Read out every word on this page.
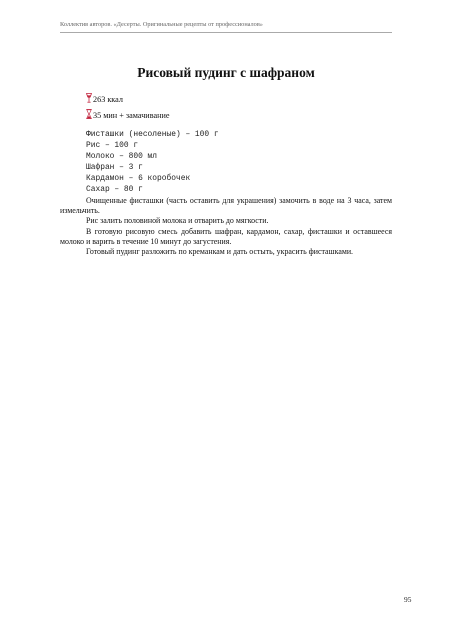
Коллектив авторов. «Десерты. Оригинальные рецепты от профессионалов»
Рисовый пудинг с шафраном
263 ккал
35 мин + замачивание
Фисташки (несоленые) – 100 г
Рис – 100 г
Молоко – 800 мл
Шафран – 3 г
Кардамон – 6 коробочек
Сахар – 80 г

Очищенные фисташки (часть оставить для украшения) замочить в воде на 3 часа, затем измельчить.

Рис залить половиной молока и отварить до мягкости.

В готовую рисовую смесь добавить шафран, кардамон, сахар, фисташки и оставшееся молоко и варить в течение 10 минут до загустения.

Готовый пудинг разложить по креманкам и дать остыть, украсить фисташками.

95
